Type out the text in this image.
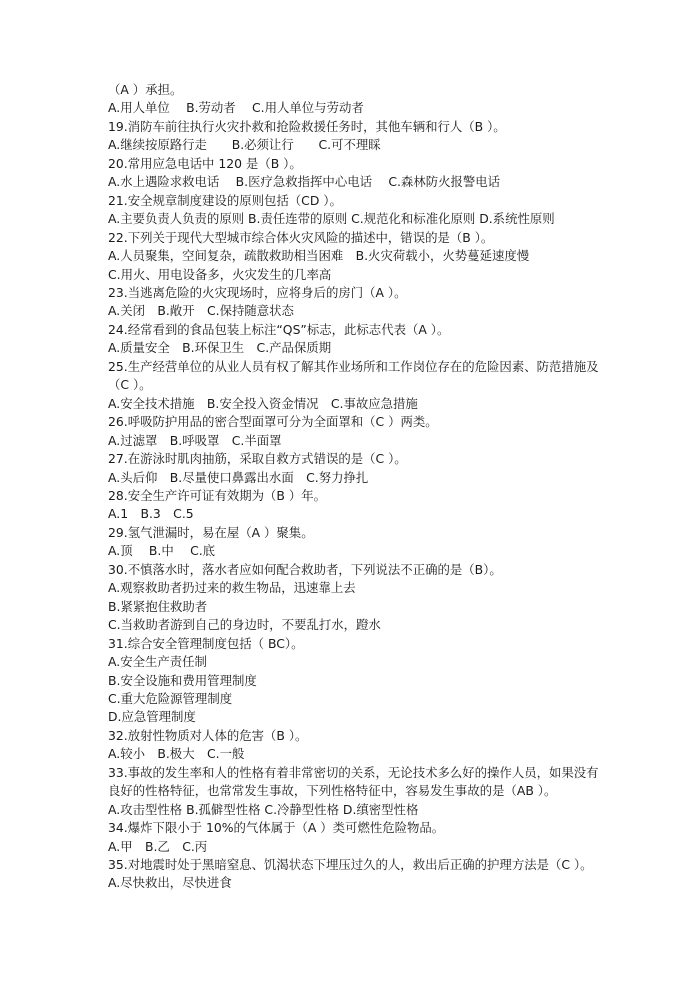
（A ）承担。

A.用人单位　 B.劳动者　 C.用人单位与劳动者

19.消防车前往执行火灾扑救和抢险救援任务时，其他车辆和行人（B ）。

A.继续按原路行走　　B.必须让行　　C.可不理睬

20.常用应急电话中 120 是（B ）。

A.水上遇险求救电话　 B.医疗急救指挥中心电话　 C.森林防火报警电话

21.安全规章制度建设的原则包括（CD ）。

A.主要负责人负责的原则 B.责任连带的原则 C.规范化和标准化原则 D.系统性原则

22.下列关于现代大型城市综合体火灾风险的描述中，错误的是（B ）。

A.人员聚集，空间复杂，疏散救助相当困难　B.火灾荷载小，火势蔓延速度慢

C.用火、用电设备多，火灾发生的几率高

23.当逃离危险的火灾现场时，应将身后的房门（A ）。

A.关闭　B.敞开　C.保持随意状态

24.经常看到的食品包装上标注“QS”标志，此标志代表（A ）。

A.质量安全　B.环保卫生　C.产品保质期

25.生产经营单位的从业人员有权了解其作业场所和工作岗位存在的危险因素、防范措施及（C ）。

A.安全技术措施　B.安全投入资金情况　C.事故应急措施

26.呼吸防护用品的密合型面罩可分为全面罩和（C ）两类。

A.过滤罩　B.呼吸罩　C.半面罩

27.在游泳时肌肉抽筋，采取自救方式错误的是（C ）。

A.头后仰　B.尽量使口鼻露出水面　C.努力挣扎

28.安全生产许可证有效期为（B ）年。

A.1　B.3　C.5

29.氢气泄漏时，易在屋（A ）聚集。

A.顶　 B.中　 C.底

30.不慎落水时，落水者应如何配合救助者，下列说法不正确的是（B）。

A.观察救助者扔过来的救生物品，迅速靠上去

B.紧紧抱住救助者

C.当救助者游到自己的身边时，不要乱打水，蹬水

31.综合安全管理制度包括（ BC）。

A.安全生产责任制

B.安全设施和费用管理制度

C.重大危险源管理制度

D.应急管理制度

32.放射性物质对人体的危害（B ）。

A.较小　B.极大　C.一般

33.事故的发生率和人的性格有着非常密切的关系，无论技术多么好的操作人员，如果没有良好的性格特征，也常常发生事故，下列性格特征中，容易发生事故的是（AB ）。

A.攻击型性格 B.孤僻型性格 C.冷静型性格 D.缜密型性格

34.爆炸下限小于 10%的气体属于（A ）类可燃性危险物品。

A.甲　B.乙　C.丙

35.对地震时处于黑暗窒息、饥渴状态下埋压过久的人，救出后正确的护理方法是（C ）。

A.尽快救出，尽快进食
